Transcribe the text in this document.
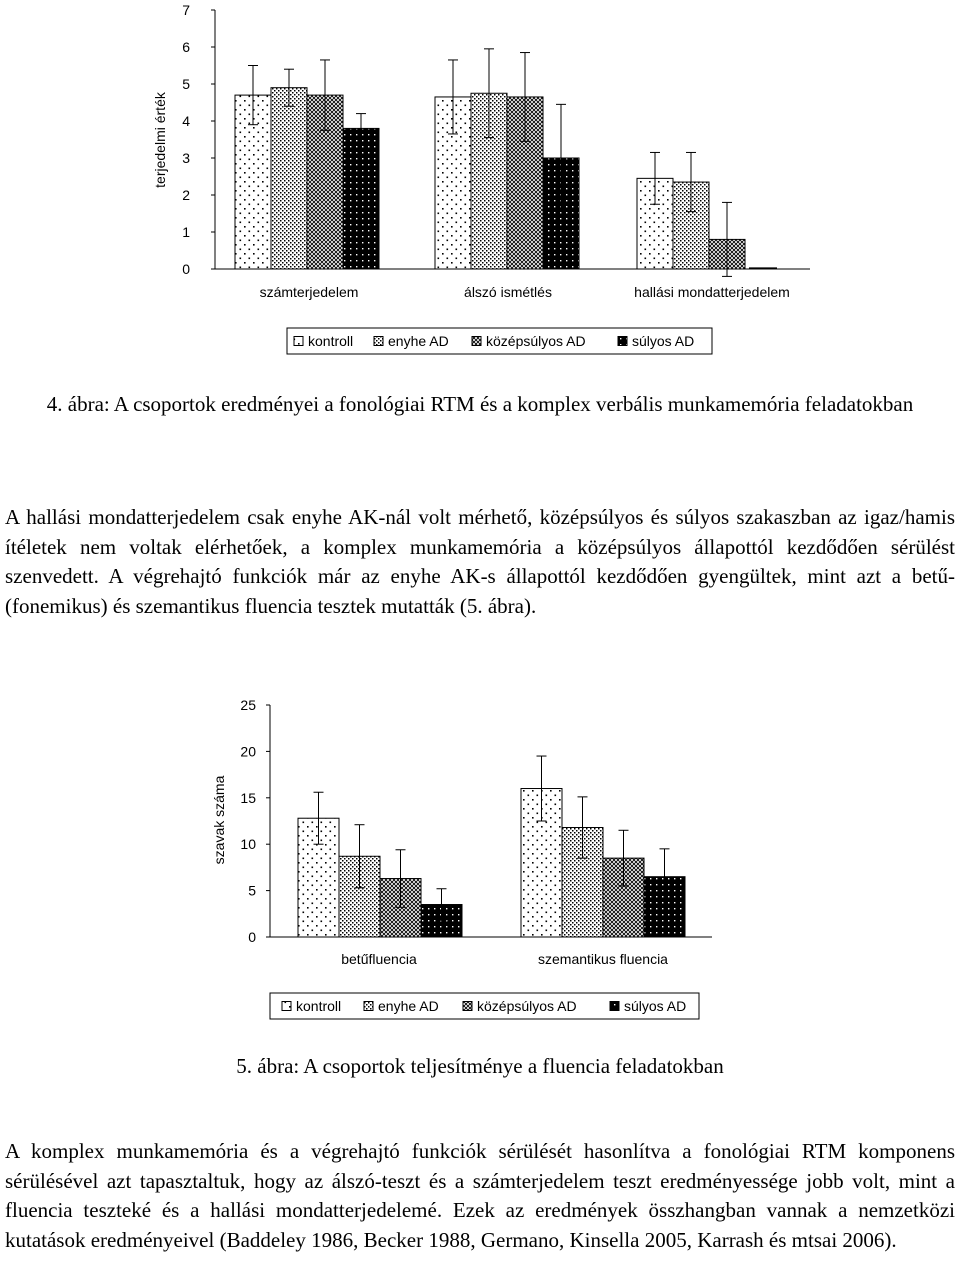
0
1
2
3
4
5
6
7
terjedelmi érték
számterjedelem	álszó ismétlés	hallási mondatterjedelem
kontroll enyhe AD	középsúlyos AD	súlyos AD
4. ábra: A csoportok eredményei a fonológiai RTM és a komplex verbális munkamemória feladatokban
A hallási mondatterjedelem csak enyhe AK-nál volt mérhető, középsúlyos és súlyos szakaszban az igaz/hamis ítéletek nem voltak elérhetőek, a komplex munkamemória a középsúlyos állapottól kezdődően sérülést szenvedett. A végrehajtó funkciók már az enyhe AK-s állapottól kezdődően gyengültek, mint azt a betű- (fonemikus) és szemantikus fluencia tesztek mutatták (5. ábra).
0
5
10
15
20
25
szavak száma
betűfluencia	szemantikus fluencia
kontroll	enyhe AD	középsúlyos AD	súlyos AD
5. ábra: A csoportok teljesítménye a fluencia feladatokban
A komplex munkamemória és a végrehajtó funkciók sérülését hasonlítva a fonológiai RTM komponens sérülésével azt tapasztaltuk, hogy az álszó-teszt és a számterjedelem teszt eredményessége jobb volt, mint a fluencia teszteké és a hallási mondatterjedelemé. Ezek az eredmények összhangban vannak a nemzetközi kutatások eredményeivel (Baddeley 1986, Becker 1988, Germano, Kinsella 2005, Karrash és mtsai 2006).
